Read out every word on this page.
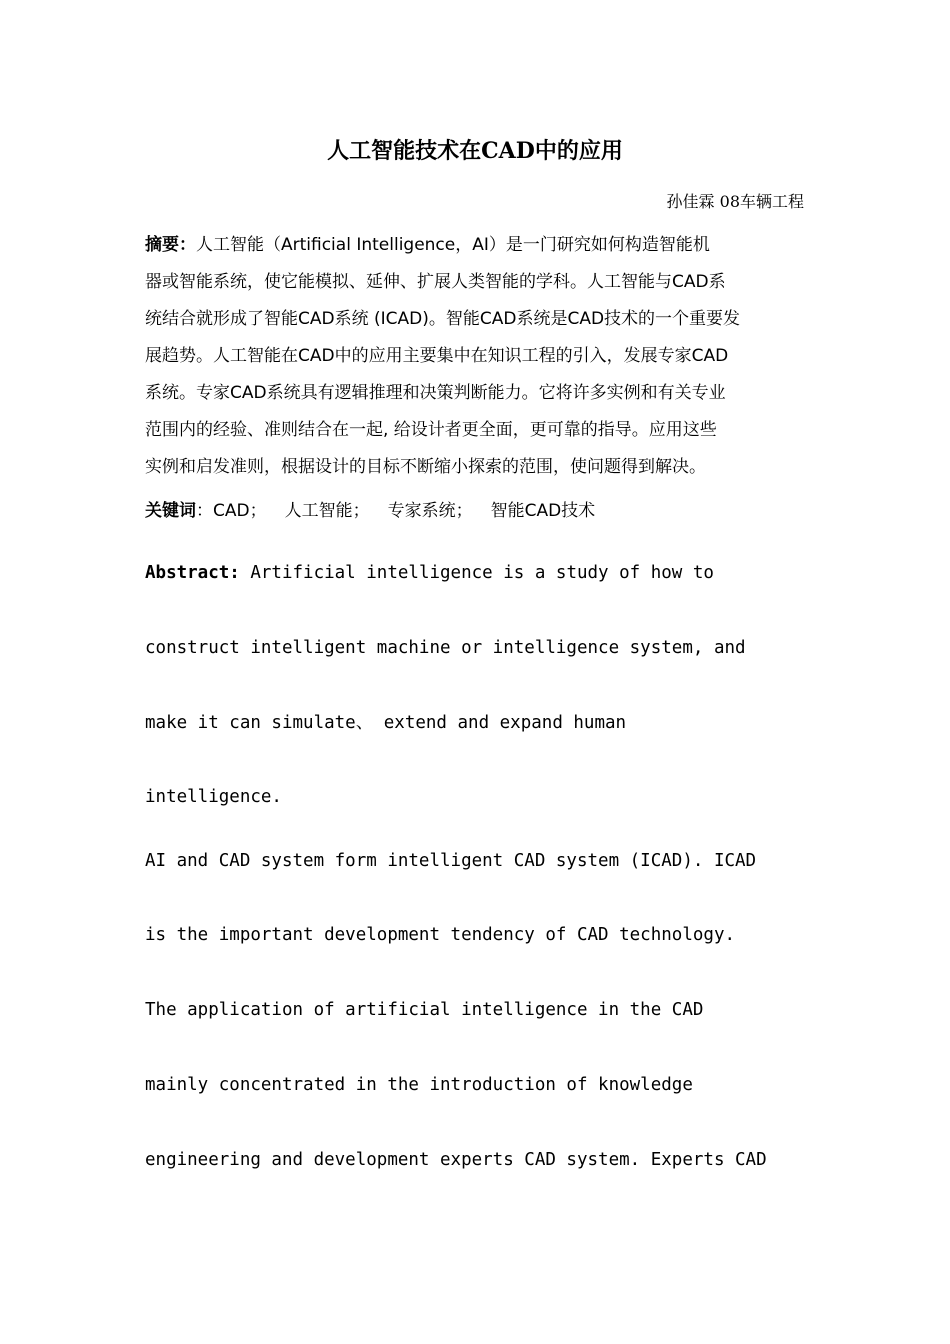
人工智能技术在CAD中的应用
孙佳霖 08车辆工程
摘要：人工智能（Artificial Intelligence，AI）是一门研究如何构造智能机
器或智能系统，使它能模拟、延伸、扩展人类智能的学科。人工智能与CAD系
统结合就形成了智能CAD系统 (ICAD)。智能CAD系统是CAD技术的一个重要发
展趋势。人工智能在CAD中的应用主要集中在知识工程的引入，发展专家CAD
系统。专家CAD系统具有逻辑推理和决策判断能力。它将许多实例和有关专业
范围内的经验、准则结合在一起, 给设计者更全面，更可靠的指导。应用这些
实例和启发准则，根据设计的目标不断缩小探索的范围，使问题得到解决。
关键词：CAD； 人工智能； 专家系统； 智能CAD技术
Abstract: Artificial intelligence is a study of how to
construct intelligent machine or intelligence system, and
make it can simulate、 extend and expand human
intelligence.
AI and CAD system form intelligent CAD system (ICAD). ICAD
is the important development tendency of CAD technology.
The application of artificial intelligence in the CAD
mainly concentrated in the introduction of knowledge
engineering and development experts CAD system. Experts CAD
